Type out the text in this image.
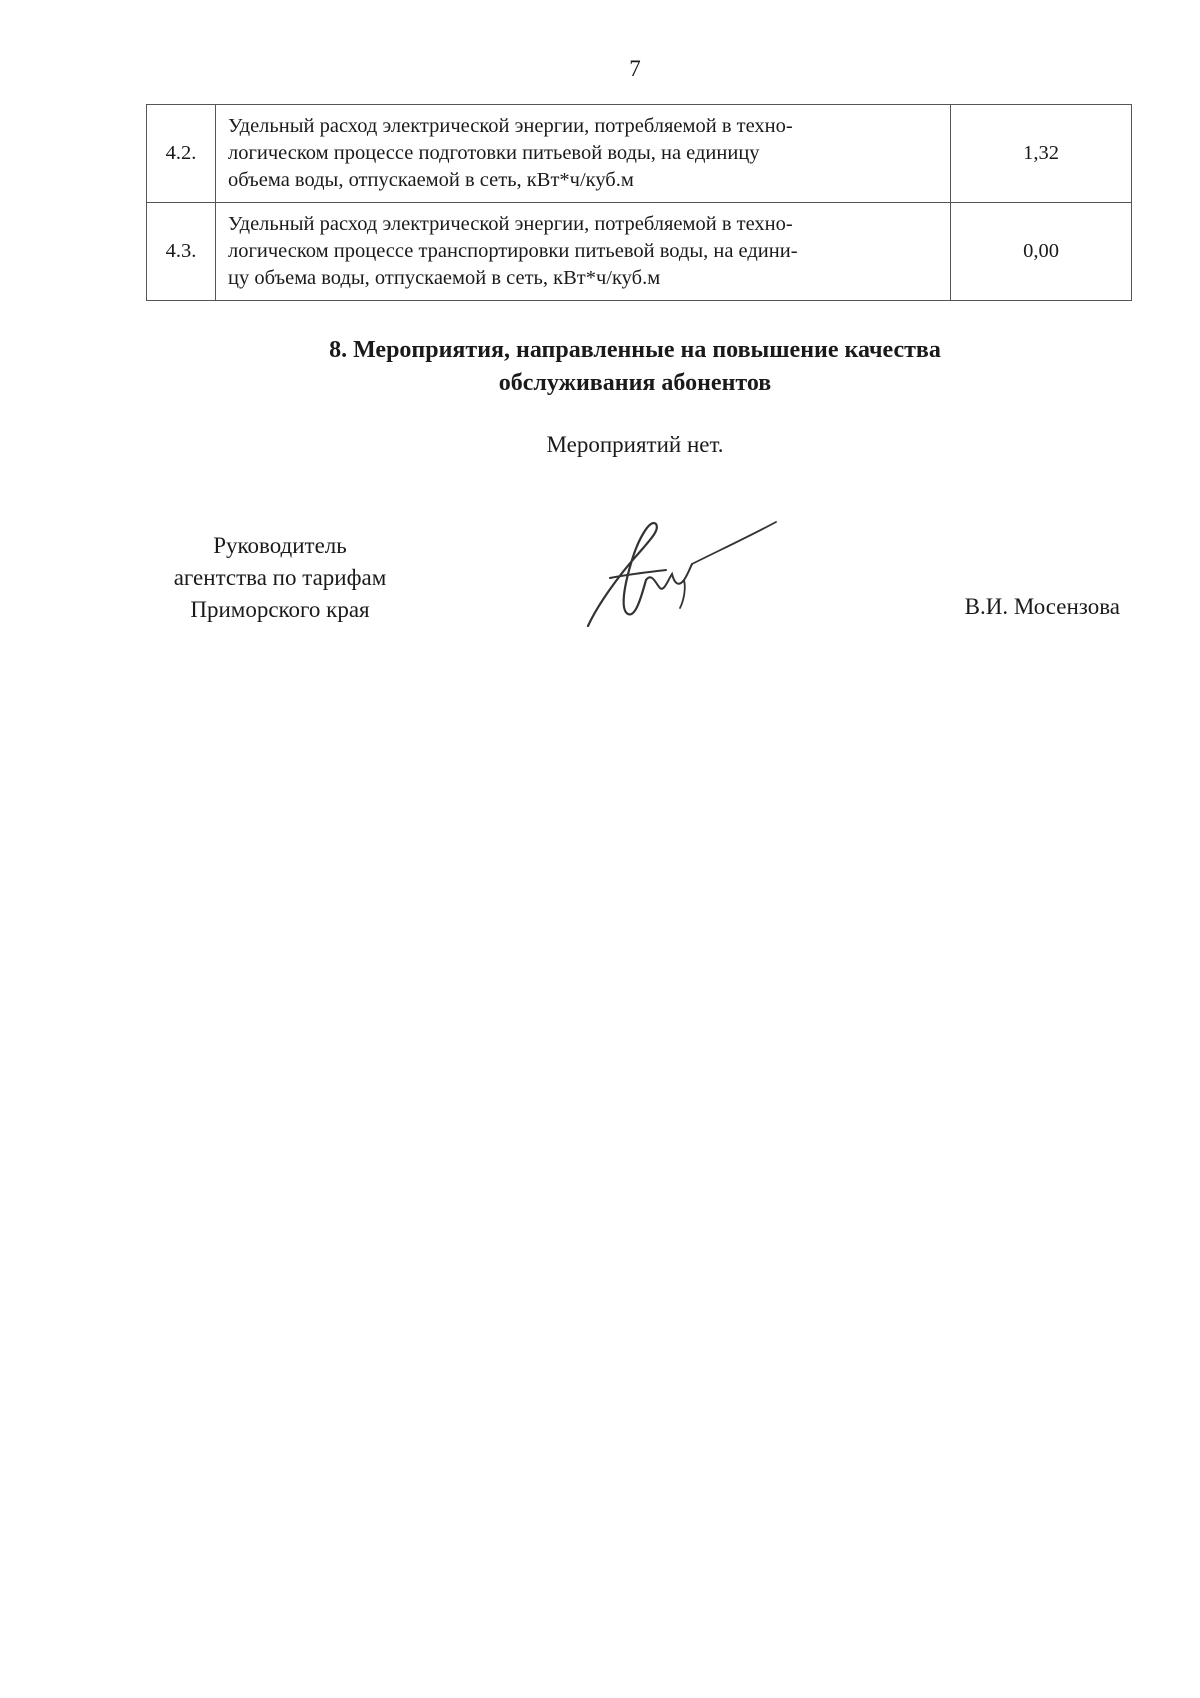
7
4.2.	Удельный расход электрической энергии, потребляемой в техно-
логическом процессе подготовки питьевой воды, на единицу
объема воды, отпускаемой в сеть, кВт*ч/куб.м	1,32
4.3.	Удельный расход электрической энергии, потребляемой в техно-
логическом процессе транспортировки питьевой воды, на едини-
цу объема воды, отпускаемой в сеть, кВт*ч/куб.м	0,00
8. Мероприятия, направленные на повышение качества
обслуживания абонентов
Мероприятий нет.
Руководитель
агентства по тарифам
Приморского края	В.И. Мосензова
